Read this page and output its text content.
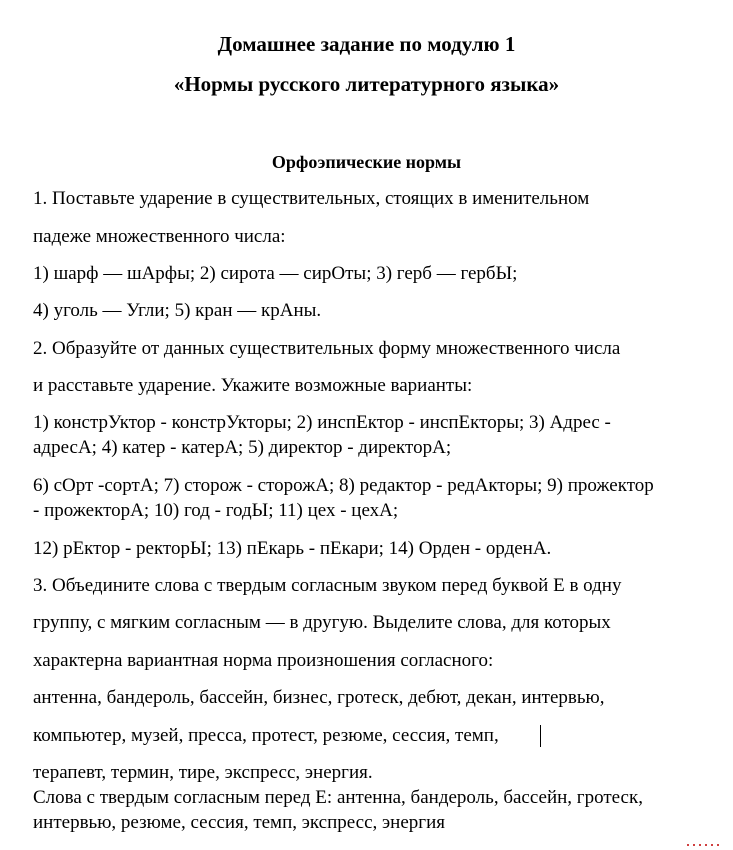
Домашнее задание по модулю 1
«Нормы русского литературного языка»
Орфоэпические нормы
1. Поставьте ударение в существительных, стоящих в именительном
падеже множественного числа:
1) шарф — шАрфы; 2) сирота — сирОты; 3) герб — гербЫ;
4) уголь — Угли; 5) кран — крАны.
2. Образуйте от данных существительных форму множественного числа
и расставьте ударение. Укажите возможные варианты:
1) констрУктор - констрУкторы; 2) инспЕктор - инспЕкторы; 3) Адрес -
адресА; 4) катер - катерА; 5) директор - директорА;
6) сОрт -сортА; 7) сторож - сторожА; 8) редактор - редАкторы; 9) прожектор
- прожекторА; 10) год - годЫ; 11) цех - цехА;
12) рЕктор - ректорЫ; 13) пЕкарь - пЕкари; 14) Орден - орденА.
3. Объедините слова с твердым согласным звуком перед буквой Е в одну
группу, с мягким согласным — в другую. Выделите слова, для которых
характерна вариантная норма произношения согласного:
антенна, бандероль, бассейн, бизнес, гротеск, дебют, декан, интервью,
компьютер, музей, пресса, протест, резюме, сессия, темп,
терапевт, термин, тире, экспресс, энергия.
Слова с твердым согласным перед Е: антенна, бандероль, бассейн, гротеск,
интервью, резюме, сессия, темп, экспресс, энергия
